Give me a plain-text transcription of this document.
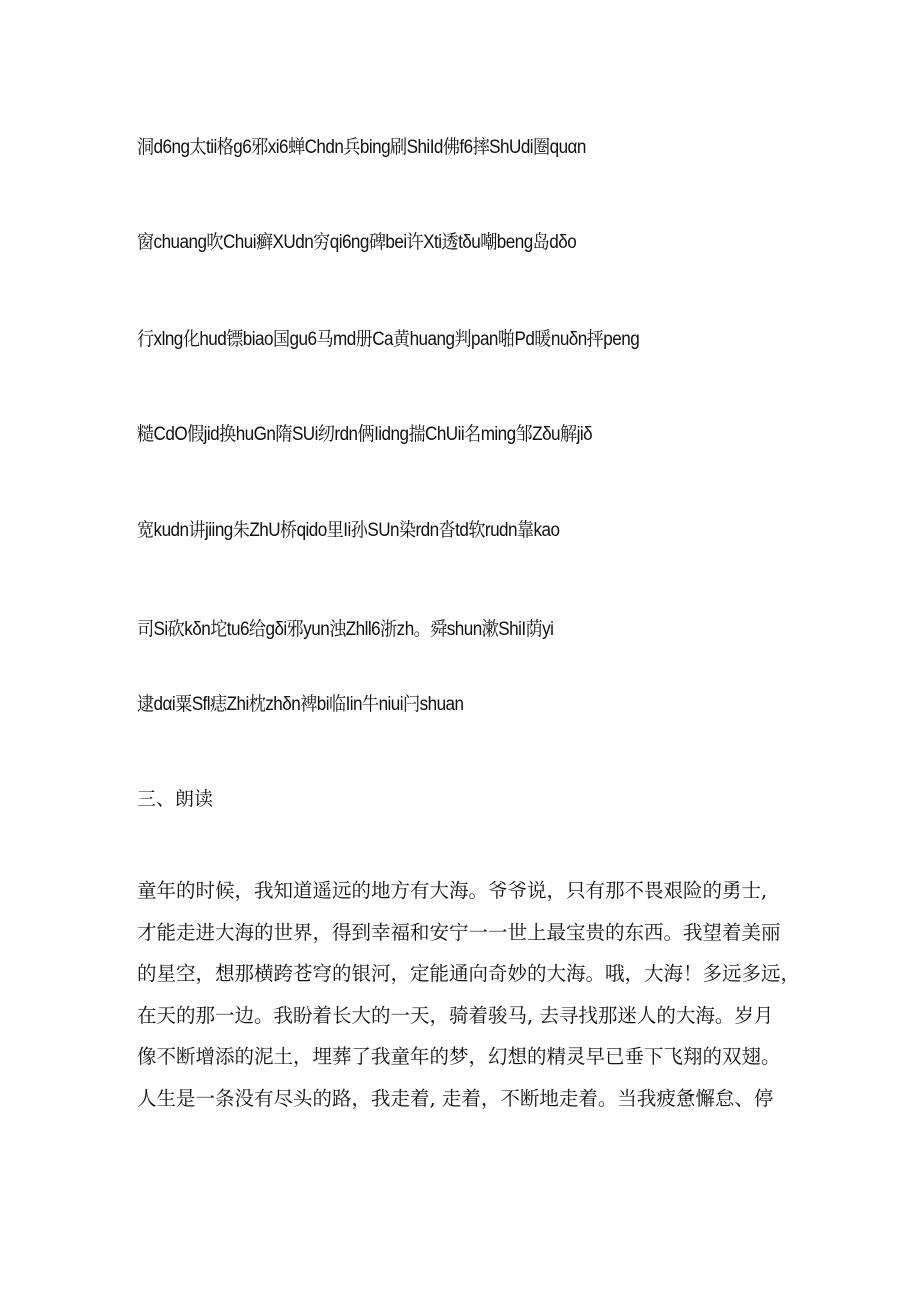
洞d6ng太tii格g6邪xi6蝉Chdn兵bing刷ShiId佛f6摔ShUdi圈quαn
窗chuang吹Chui癣XUdn穷qi6ng碑bei许Xti透tδu嘲beng岛dδo
行xlng化hud镖biao国gu6马md册Ca黄huang判pan啪Pd暖nuδn抨peng
糙CdO假jid换huGn隋SUi纫rdn俩Iidng揣ChUii名ming邹Zδu解jiδ
宽kudn讲jiing朱ZhU桥qido里Ii孙SUn染rdn沓td软rudn靠kao
司Si砍kδn坨tu6给gδi邪yun浊Zhll6浙zh。舜shun漱ShiI荫yi
逮dαi粟Sfl痣Zhi枕zhδn裨bi临Iin牛niui闩shuan
三、朗读
童年的时候，我知道遥远的地方有大海。爷爷说，只有那不畏艰险的勇士,
才能走进大海的世界，得到幸福和安宁一一世上最宝贵的东西。我望着美丽
的星空，想那横跨苍穹的银河，定能通向奇妙的大海。哦，大海！多远多远，
在天的那一边。我盼着长大的一天，骑着骏马, 去寻找那迷人的大海。岁月
像不断增添的泥土，埋葬了我童年的梦，幻想的精灵早已垂下飞翔的双翅。
人生是一条没有尽头的路，我走着, 走着，不断地走着。当我疲惫懈怠、停
